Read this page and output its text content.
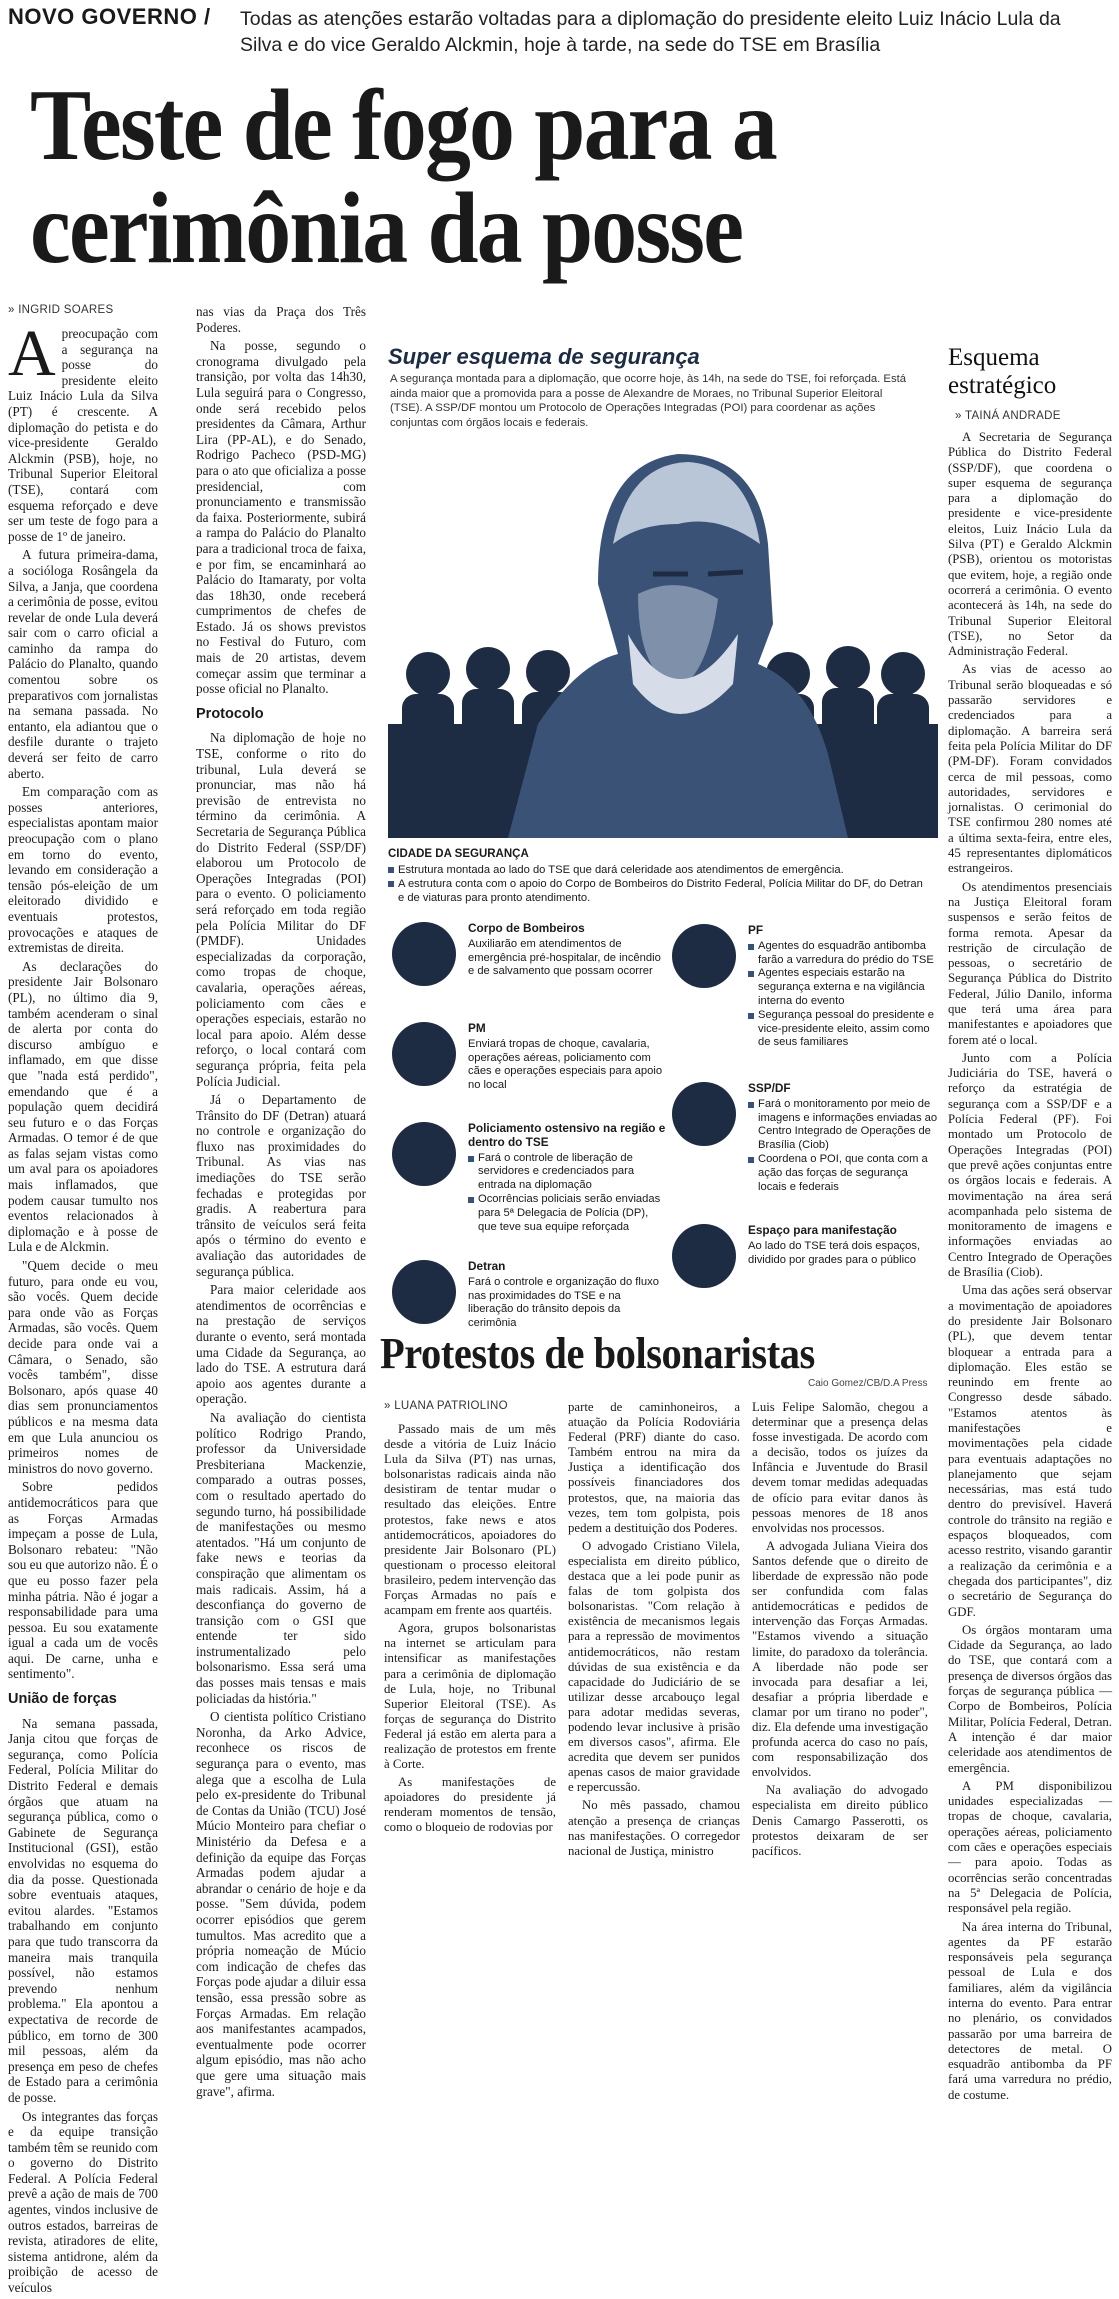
NOVO GOVERNO / Todas as atenções estarão voltadas para a diplomação do presidente eleito Luiz Inácio Lula da Silva e do vice Geraldo Alckmin, hoje à tarde, na sede do TSE em Brasília
Teste de fogo para a cerimônia da posse
» INGRID SOARES

Apreocupação com a segurança na posse do presidente eleito Luiz Inácio Lula da Silva (PT) é crescente. A diplomação do petista e do vice-presidente Geraldo Alckmin (PSB), hoje, no Tribunal Superior Eleitoral (TSE), contará com esquema reforçado e deve ser um teste de fogo para a posse de 1º de janeiro.

A futura primeira-dama, a socióloga Rosângela da Silva, a Janja, que coordena a cerimônia de posse, evitou revelar de onde Lula deverá sair com o carro oficial a caminho da rampa do Palácio do Planalto, quando comentou sobre os preparativos com jornalistas na semana passada. No entanto, ela adiantou que o desfile durante o trajeto deverá ser feito de carro aberto.

Em comparação com as posses anteriores, especialistas apontam maior preocupação com o plano em torno do evento, levando em consideração a tensão pós-eleição de um eleitorado dividido e eventuais protestos, provocações e ataques de extremistas de direita.

As declarações do presidente Jair Bolsonaro (PL), no último dia 9, também acenderam o sinal de alerta por conta do discurso ambíguo e inflamado, em que disse que "nada está perdido", emendando que é a população quem decidirá seu futuro e o das Forças Armadas. O temor é de que as falas sejam vistas como um aval para os apoiadores mais inflamados, que podem causar tumulto nos eventos relacionados à diplomação e à posse de Lula e de Alckmin.

"Quem decide o meu futuro, para onde eu vou, são vocês. Quem decide para onde vão as Forças Armadas, são vocês. Quem decide para onde vai a Câmara, o Senado, são vocês também", disse Bolsonaro, após quase 40 dias sem pronunciamentos públicos e na mesma data em que Lula anunciou os primeiros nomes de ministros do novo governo.

Sobre pedidos antidemocráticos para que as Forças Armadas impeçam a posse de Lula, Bolsonaro rebateu: "Não sou eu que autorizo não. É o que eu posso fazer pela minha pátria. Não é jogar a responsabilidade para uma pessoa. Eu sou exatamente igual a cada um de vocês aqui. De carne, unha e sentimento".

União de forças

Na semana passada, Janja citou que forças de segurança, como Polícia Federal, Polícia Militar do Distrito Federal e demais órgãos que atuam na segurança pública, como o Gabinete de Segurança Institucional (GSI), estão envolvidas no esquema do dia da posse. Questionada sobre eventuais ataques, evitou alardes. "Estamos trabalhando em conjunto para que tudo transcorra da maneira mais tranquila possível, não estamos prevendo nenhum problema." Ela apontou a expectativa de recorde de público, em torno de 300 mil pessoas, além da presença em peso de chefes de Estado para a cerimônia de posse.

Os integrantes das forças e da equipe transição também têm se reunido com o governo do Distrito Federal. A Polícia Federal prevê a ação de mais de 700 agentes, vindos inclusive de outros estados, barreiras de revista, atiradores de elite, sistema antidrone, além da proibição de acesso de veículos

nas vias da Praça dos Três Poderes.

Na posse, segundo o cronograma divulgado pela transição, por volta das 14h30, Lula seguirá para o Congresso, onde será recebido pelos presidentes da Câmara, Arthur Lira (PP-AL), e do Senado, Rodrigo Pacheco (PSD-MG) para o ato que oficializa a posse presidencial, com pronunciamento e transmissão da faixa. Posteriormente, subirá a rampa do Palácio do Planalto para a tradicional troca de faixa, e por fim, se encaminhará ao Palácio do Itamaraty, por volta das 18h30, onde receberá cumprimentos de chefes de Estado. Já os shows previstos no Festival do Futuro, com mais de 20 artistas, devem começar assim que terminar a posse oficial no Planalto.

Protocolo

Na diplomação de hoje no TSE, conforme o rito do tribunal, Lula deverá se pronunciar, mas não há previsão de entrevista no término da cerimônia. A Secretaria de Segurança Pública do Distrito Federal (SSP/DF) elaborou um Protocolo de Operações Integradas (POI) para o evento. O policiamento será reforçado em toda região pela Polícia Militar do DF (PMDF). Unidades especializadas da corporação, como tropas de choque, cavalaria, operações aéreas, policiamento com cães e operações especiais, estarão no local para apoio. Além desse reforço, o local contará com segurança própria, feita pela Polícia Judicial.

Já o Departamento de Trânsito do DF (Detran) atuará no controle e organização do fluxo nas proximidades do Tribunal. As vias nas imediações do TSE serão fechadas e protegidas por gradis. A reabertura para trânsito de veículos será feita após o término do evento e avaliação das autoridades de segurança pública.

Para maior celeridade aos atendimentos de ocorrências e na prestação de serviços durante o evento, será montada uma Cidade da Segurança, ao lado do TSE. A estrutura dará apoio aos agentes durante a operação.

Na avaliação do cientista político Rodrigo Prando, professor da Universidade Presbiteriana Mackenzie, comparado a outras posses, com o resultado apertado do segundo turno, há possibilidade de manifestações ou mesmo atentados. "Há um conjunto de fake news e teorias da conspiração que alimentam os mais radicais. Assim, há a desconfiança do governo de transição com o GSI que entende ter sido instrumentalizado pelo bolsonarismo. Essa será uma das posses mais tensas e mais policiadas da história."

O cientista político Cristiano Noronha, da Arko Advice, reconhece os riscos de segurança para o evento, mas alega que a escolha de Lula pelo ex-presidente do Tribunal de Contas da União (TCU) José Múcio Monteiro para chefiar o Ministério da Defesa e a definição da equipe das Forças Armadas podem ajudar a abrandar o cenário de hoje e da posse. "Sem dúvida, podem ocorrer episódios que gerem tumultos. Mas acredito que a própria nomeação de Múcio com indicação de chefes das Forças pode ajudar a diluir essa tensão, essa pressão sobre as Forças Armadas. Em relação aos manifestantes acampados, eventualmente pode ocorrer algum episódio, mas não acho que gere uma situação mais grave", afirma.

Super esquema de segurança
A segurança montada para a diplomação, que ocorre hoje, às 14h, na sede do TSE, foi reforçada. Está ainda maior que a promovida para a posse de Alexandre de Moraes, no Tribunal Superior Eleitoral (TSE). A SSP/DF montou um Protocolo de Operações Integradas (POI) para coordenar as ações conjuntas com órgãos locais e federais.
CIDADE DA SEGURANÇA
Estrutura montada ao lado do TSE que dará celeridade aos atendimentos de emergência.
A estrutura conta com o apoio do Corpo de Bombeiros do Distrito Federal, Polícia Militar do DF, do Detran e de viaturas para pronto atendimento.
Corpo de Bombeiros
Auxiliarão em atendimentos de emergência pré-hospitalar, de incêndio e de salvamento que possam ocorrer
PM
Enviará tropas de choque, cavalaria, operações aéreas, policiamento com cães e operações especiais para apoio no local
Policiamento ostensivo na região e dentro do TSE
Fará o controle de liberação de servidores e credenciados para entrada na diplomação
Ocorrências policiais serão enviadas para 5ª Delegacia de Polícia (DP), que teve sua equipe reforçada
Detran
Fará o controle e organização do fluxo nas proximidades do TSE e na liberação do trânsito depois da cerimônia
PF
Agentes do esquadrão antibomba farão a varredura do prédio do TSE
Agentes especiais estarão na segurança externa e na vigilância interna do evento
Segurança pessoal do presidente e vice-presidente eleito, assim como de seus familiares
SSP/DF
Fará o monitoramento por meio de imagens e informações enviadas ao Centro Integrado de Operações de Brasília (Ciob)
Coordena o POI, que conta com a ação das forças de segurança locais e federais
Espaço para manifestação
Ao lado do TSE terá dois espaços, dividido por grades para o público
Caio Gomez/CB/D.A Press
Esquema estratégico
» TAINÁ ANDRADE

A Secretaria de Segurança Pública do Distrito Federal (SSP/DF), que coordena o super esquema de segurança para a diplomação do presidente e vice-presidente eleitos, Luiz Inácio Lula da Silva (PT) e Geraldo Alckmin (PSB), orientou os motoristas que evitem, hoje, a região onde ocorrerá a cerimônia. O evento acontecerá às 14h, na sede do Tribunal Superior Eleitoral (TSE), no Setor da Administração Federal.

As vias de acesso ao Tribunal serão bloqueadas e só passarão servidores e credenciados para a diplomação. A barreira será feita pela Polícia Militar do DF (PM-DF). Foram convidados cerca de mil pessoas, como autoridades, servidores e jornalistas. O cerimonial do TSE confirmou 280 nomes até a última sexta-feira, entre eles, 45 representantes diplomáticos estrangeiros.

Os atendimentos presenciais na Justiça Eleitoral foram suspensos e serão feitos de forma remota. Apesar da restrição de circulação de pessoas, o secretário de Segurança Pública do Distrito Federal, Júlio Danilo, informa que terá uma área para manifestantes e apoiadores que forem até o local.

Junto com a Polícia Judiciária do TSE, haverá o reforço da estratégia de segurança com a SSP/DF e a Polícia Federal (PF). Foi montado um Protocolo de Operações Integradas (POI) que prevê ações conjuntas entre os órgãos locais e federais. A movimentação na área será acompanhada pelo sistema de monitoramento de imagens e informações enviadas ao Centro Integrado de Operações de Brasília (Ciob).

Uma das ações será observar a movimentação de apoiadores do presidente Jair Bolsonaro (PL), que devem tentar bloquear a entrada para a diplomação. Eles estão se reunindo em frente ao Congresso desde sábado. "Estamos atentos às manifestações e movimentações pela cidade para eventuais adaptações no planejamento que sejam necessárias, mas está tudo dentro do previsível. Haverá controle do trânsito na região e espaços bloqueados, com acesso restrito, visando garantir a realização da cerimônia e a chegada dos participantes", diz o secretário de Segurança do GDF.

Os órgãos montaram uma Cidade da Segurança, ao lado do TSE, que contará com a presença de diversos órgãos das forças de segurança pública — Corpo de Bombeiros, Polícia Militar, Polícia Federal, Detran. A intenção é dar maior celeridade aos atendimentos de emergência.

A PM disponibilizou unidades especializadas — tropas de choque, cavalaria, operações aéreas, policiamento com cães e operações especiais — para apoio. Todas as ocorrências serão concentradas na 5ª Delegacia de Polícia, responsável pela região.

Na área interna do Tribunal, agentes da PF estarão responsáveis pela segurança pessoal de Lula e dos familiares, além da vigilância interna do evento. Para entrar no plenário, os convidados passarão por uma barreira de detectores de metal. O esquadrão antibomba da PF fará uma varredura no prédio, de costume.

Protestos de bolsonaristas
» LUANA PATRIOLINO

Passado mais de um mês desde a vitória de Luiz Inácio Lula da Silva (PT) nas urnas, bolsonaristas radicais ainda não desistiram de tentar mudar o resultado das eleições. Entre protestos, fake news e atos antidemocráticos, apoiadores do presidente Jair Bolsonaro (PL) questionam o processo eleitoral brasileiro, pedem intervenção das Forças Armadas no país e acampam em frente aos quartéis.

Agora, grupos bolsonaristas na internet se articulam para intensificar as manifestações para a cerimônia de diplomação de Lula, hoje, no Tribunal Superior Eleitoral (TSE). As forças de segurança do Distrito Federal já estão em alerta para a realização de protestos em frente à Corte.

As manifestações de apoiadores do presidente já renderam momentos de tensão, como o bloqueio de rodovias por

parte de caminhoneiros, a atuação da Polícia Rodoviária Federal (PRF) diante do caso. Também entrou na mira da Justiça a identificação dos possíveis financiadores dos protestos, que, na maioria das vezes, tem tom golpista, pois pedem a destituição dos Poderes.

O advogado Cristiano Vilela, especialista em direito público, destaca que a lei pode punir as falas de tom golpista dos bolsonaristas. "Com relação à existência de mecanismos legais para a repressão de movimentos antidemocráticos, não restam dúvidas de sua existência e da capacidade do Judiciário de se utilizar desse arcabouço legal para adotar medidas severas, podendo levar inclusive à prisão em diversos casos", afirma. Ele acredita que devem ser punidos apenas casos de maior gravidade e repercussão.

No mês passado, chamou atenção a presença de crianças nas manifestações. O corregedor nacional de Justiça, ministro

Luis Felipe Salomão, chegou a determinar que a presença delas fosse investigada. De acordo com a decisão, todos os juízes da Infância e Juventude do Brasil devem tomar medidas adequadas de ofício para evitar danos às pessoas menores de 18 anos envolvidas nos processos.

A advogada Juliana Vieira dos Santos defende que o direito de liberdade de expressão não pode ser confundida com falas antidemocráticas e pedidos de intervenção das Forças Armadas. "Estamos vivendo a situação limite, do paradoxo da tolerância. A liberdade não pode ser invocada para desafiar a lei, desafiar a própria liberdade e clamar por um tirano no poder", diz. Ela defende uma investigação profunda acerca do caso no país, com responsabilização dos envolvidos.

Na avaliação do advogado especialista em direito público Denis Camargo Passerotti, os protestos deixaram de ser pacíficos.
